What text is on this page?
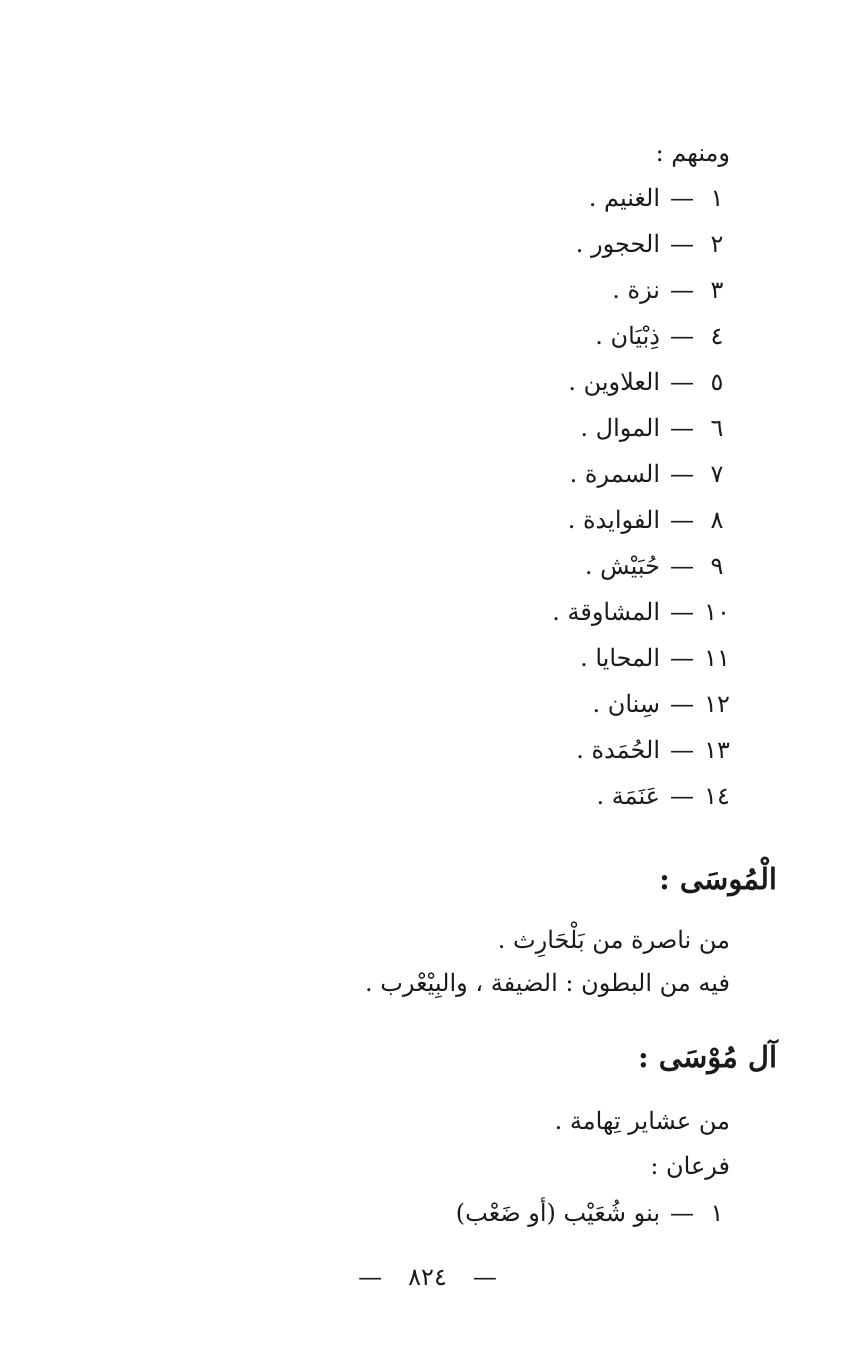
ومنهم :
١—الغنيم .
٢—الحجور .
٣—نزة .
٤—ذِبْيَان .
٥—العلاوين .
٦—الموال .
٧—السمرة .
٨—الفوايدة .
٩—حُبَيْش .
١٠—المشاوقة .
١١—المحايا .
١٢—سِنان .
١٣—الحُمَدة .
١٤—عَنَمَة .
الْمُوسَى :
من ناصرة من بَلْحَارِث .
فيه من البطون : الضيفة ، والبِيْعْرب .
آل مُوْسَى :
من عشاير تِهامة .
فرعان :
١—بنو شُعَيْب (أو ضَعْب)
—٨٢٤—
